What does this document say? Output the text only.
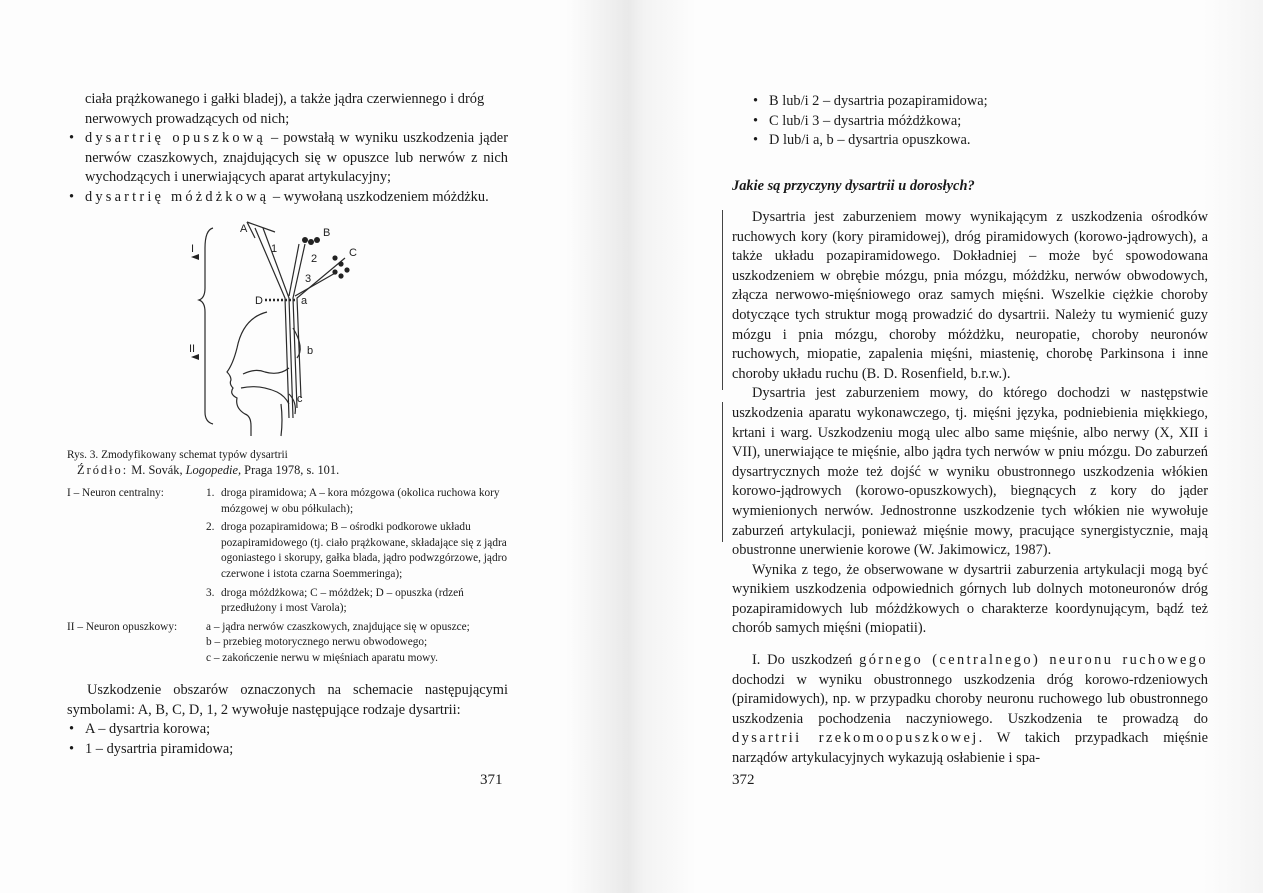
ciała prążkowanego i gałki bladej), a także jądra czerwiennego i dróg
nerwowych prowadzących od nich;
• dysartrię opuszkową – powstałą w wyniku uszkodzenia jąder nerwów czaszkowych, znajdujących się w opuszce lub nerwów z nich wychodzących i unerwiających aparat artykulacyjny;
• dysartrię móżdżkową – wywołaną uszkodzeniem móżdżku.
A	B
C
D	a
b
c
1
2
3
I
II
Rys. 3. Zmodyfikowany schemat typów dysartrii
Źródło: M. Sovák, Logopedie, Praga 1978, s. 101.
I – Neuron centralny:	1. droga piramidowa; A – kora mózgowa (okolica ruchowa kory mózgowej w obu półkulach);
2. droga pozapiramidowa; B – ośrodki podkorowe układu pozapiramidowego (tj. ciało prążkowane, składające się z jądra ogoniastego i skorupy, gałka blada, jądro podwzgórzowe, jądro czerwone i istota czarna Soemmeringa);
3. droga móżdżkowa; C – móżdżek; D – opuszka (rdzeń przedłużony i most Varola);
II – Neuron opuszkowy:	a – jądra nerwów czaszkowych, znajdujące się w opuszce;
b – przebieg motorycznego nerwu obwodowego;
c – zakończenie nerwu w mięśniach aparatu mowy.
Uszkodzenie obszarów oznaczonych na schemacie następującymi symbolami: A, B, C, D, 1, 2 wywołuje następujące rodzaje dysartrii:
• A – dysartria korowa;
• 1 – dysartria piramidowa;
371
• B lub/i 2 – dysartria pozapiramidowa;
• C lub/i 3 – dysartria móżdżkowa;
• D lub/i a, b – dysartria opuszkowa.
Jakie są przyczyny dysartrii u dorosłych?
Dysartria jest zaburzeniem mowy wynikającym z uszkodzenia ośrodków ruchowych kory (kory piramidowej), dróg piramidowych (korowo-jądrowych), a także układu pozapiramidowego. Dokładniej – może być spowodowana uszkodzeniem w obrębie mózgu, pnia mózgu, móżdżku, nerwów obwodowych, złącza nerwowo-mięśniowego oraz samych mięśni. Wszelkie ciężkie choroby dotyczące tych struktur mogą prowadzić do dysartrii. Należy tu wymienić guzy mózgu i pnia mózgu, choroby móżdżku, neuropatie, choroby neuronów ruchowych, miopatie, zapalenia mięśni, miastenię, chorobę Parkinsona i inne choroby układu ruchu (B. D. Rosenfield, b.r.w.).
Dysartria jest zaburzeniem mowy, do którego dochodzi w następstwie uszkodzenia aparatu wykonawczego, tj. mięśni języka, podniebienia miękkiego, krtani i warg. Uszkodzeniu mogą ulec albo same mięśnie, albo nerwy (X, XII i VII), unerwiające te mięśnie, albo jądra tych nerwów w pniu mózgu. Do zaburzeń dysartrycznych może też dojść w wyniku obustronnego uszkodzenia włókien korowo-jądrowych (korowo-opuszkowych), biegnących z kory do jąder wymienionych nerwów. Jednostronne uszkodzenie tych włókien nie wywołuje zaburzeń artykulacji, ponieważ mięśnie mowy, pracujące synergistycznie, mają obustronne unerwienie korowe (W. Jakimowicz, 1987).
Wynika z tego, że obserwowane w dysartrii zaburzenia artykulacji mogą być wynikiem uszkodzenia odpowiednich górnych lub dolnych motoneuronów dróg pozapiramidowych lub móżdżkowych o charakterze koordynującym, bądź też chorób samych mięśni (miopatii).
I. Do uszkodzeń górnego (centralnego) neuronu ruchowego dochodzi w wyniku obustronnego uszkodzenia dróg korowo-rdzeniowych (piramidowych), np. w przypadku choroby neuronu ruchowego lub obustronnego uszkodzenia pochodzenia naczyniowego. Uszkodzenia te prowadzą do dysartrii rzekomoopuszkowej. W takich przypadkach mięśnie narządów artykulacyjnych wykazują osłabienie i spa-
372
